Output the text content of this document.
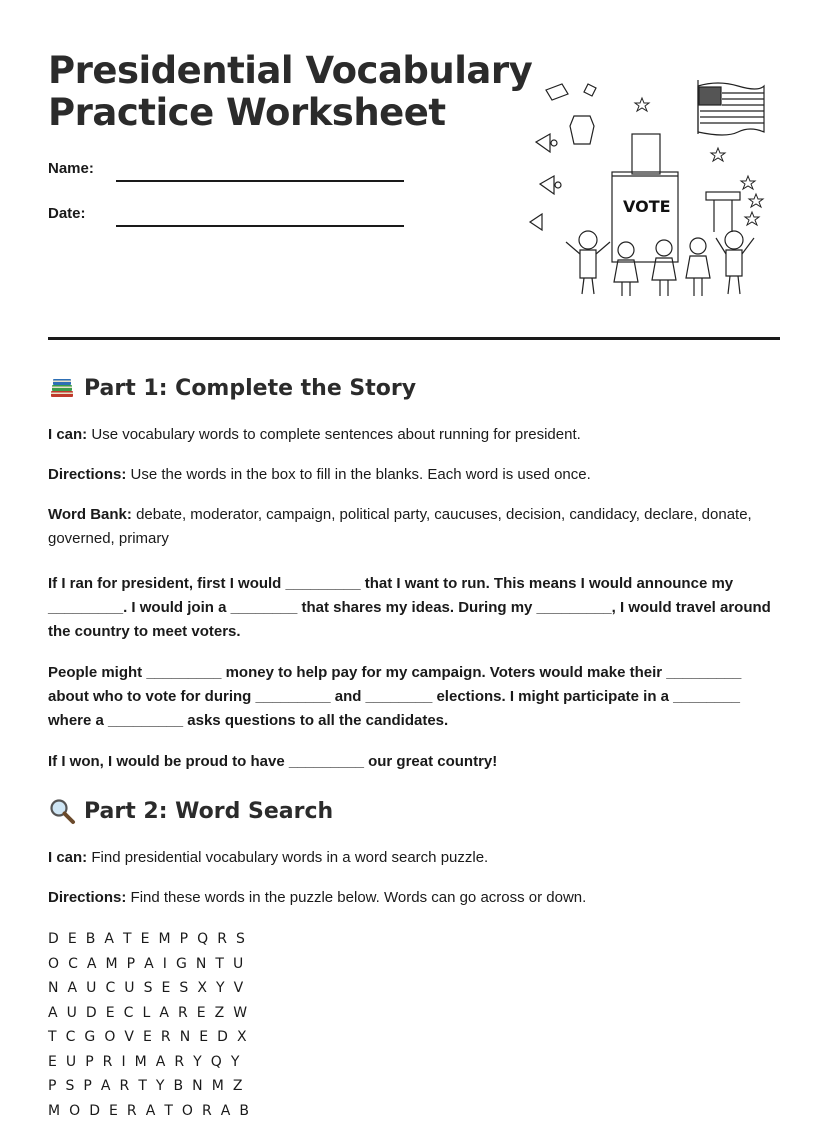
Presidential Vocabulary
Practice Worksheet
Name:
Date:	VOTE
Part 1: Complete the Story

I can: Use vocabulary words to complete sentences about running for president.

Directions: Use the words in the box to fill in the blanks. Each word is used once.

Word Bank: debate, moderator, campaign, political party, caucuses, decision, candidacy, declare, donate, governed, primary

If I ran for president, first I would _________ that I want to run. This means I would announce my _________. I would join a ________ that shares my ideas. During my _________, I would travel around the country to meet voters.

People might _________ money to help pay for my campaign. Voters would make their _________ about who to vote for during _________ and ________ elections. I might participate in a ________ where a _________ asks questions to all the candidates.

If I won, I would be proud to have _________ our great country!

Part 2: Word Search

I can: Find presidential vocabulary words in a word search puzzle.

Directions: Find these words in the puzzle below. Words can go across or down.

D E B A T E M P Q R S
O C A M P A I G N T U
N A U C U S E S X Y V
A U D E C L A R E Z W
T C G O V E R N E D X
E U P R I M A R Y Q Y
P S P A R T Y B N M Z
M O D E R A T O R A B
